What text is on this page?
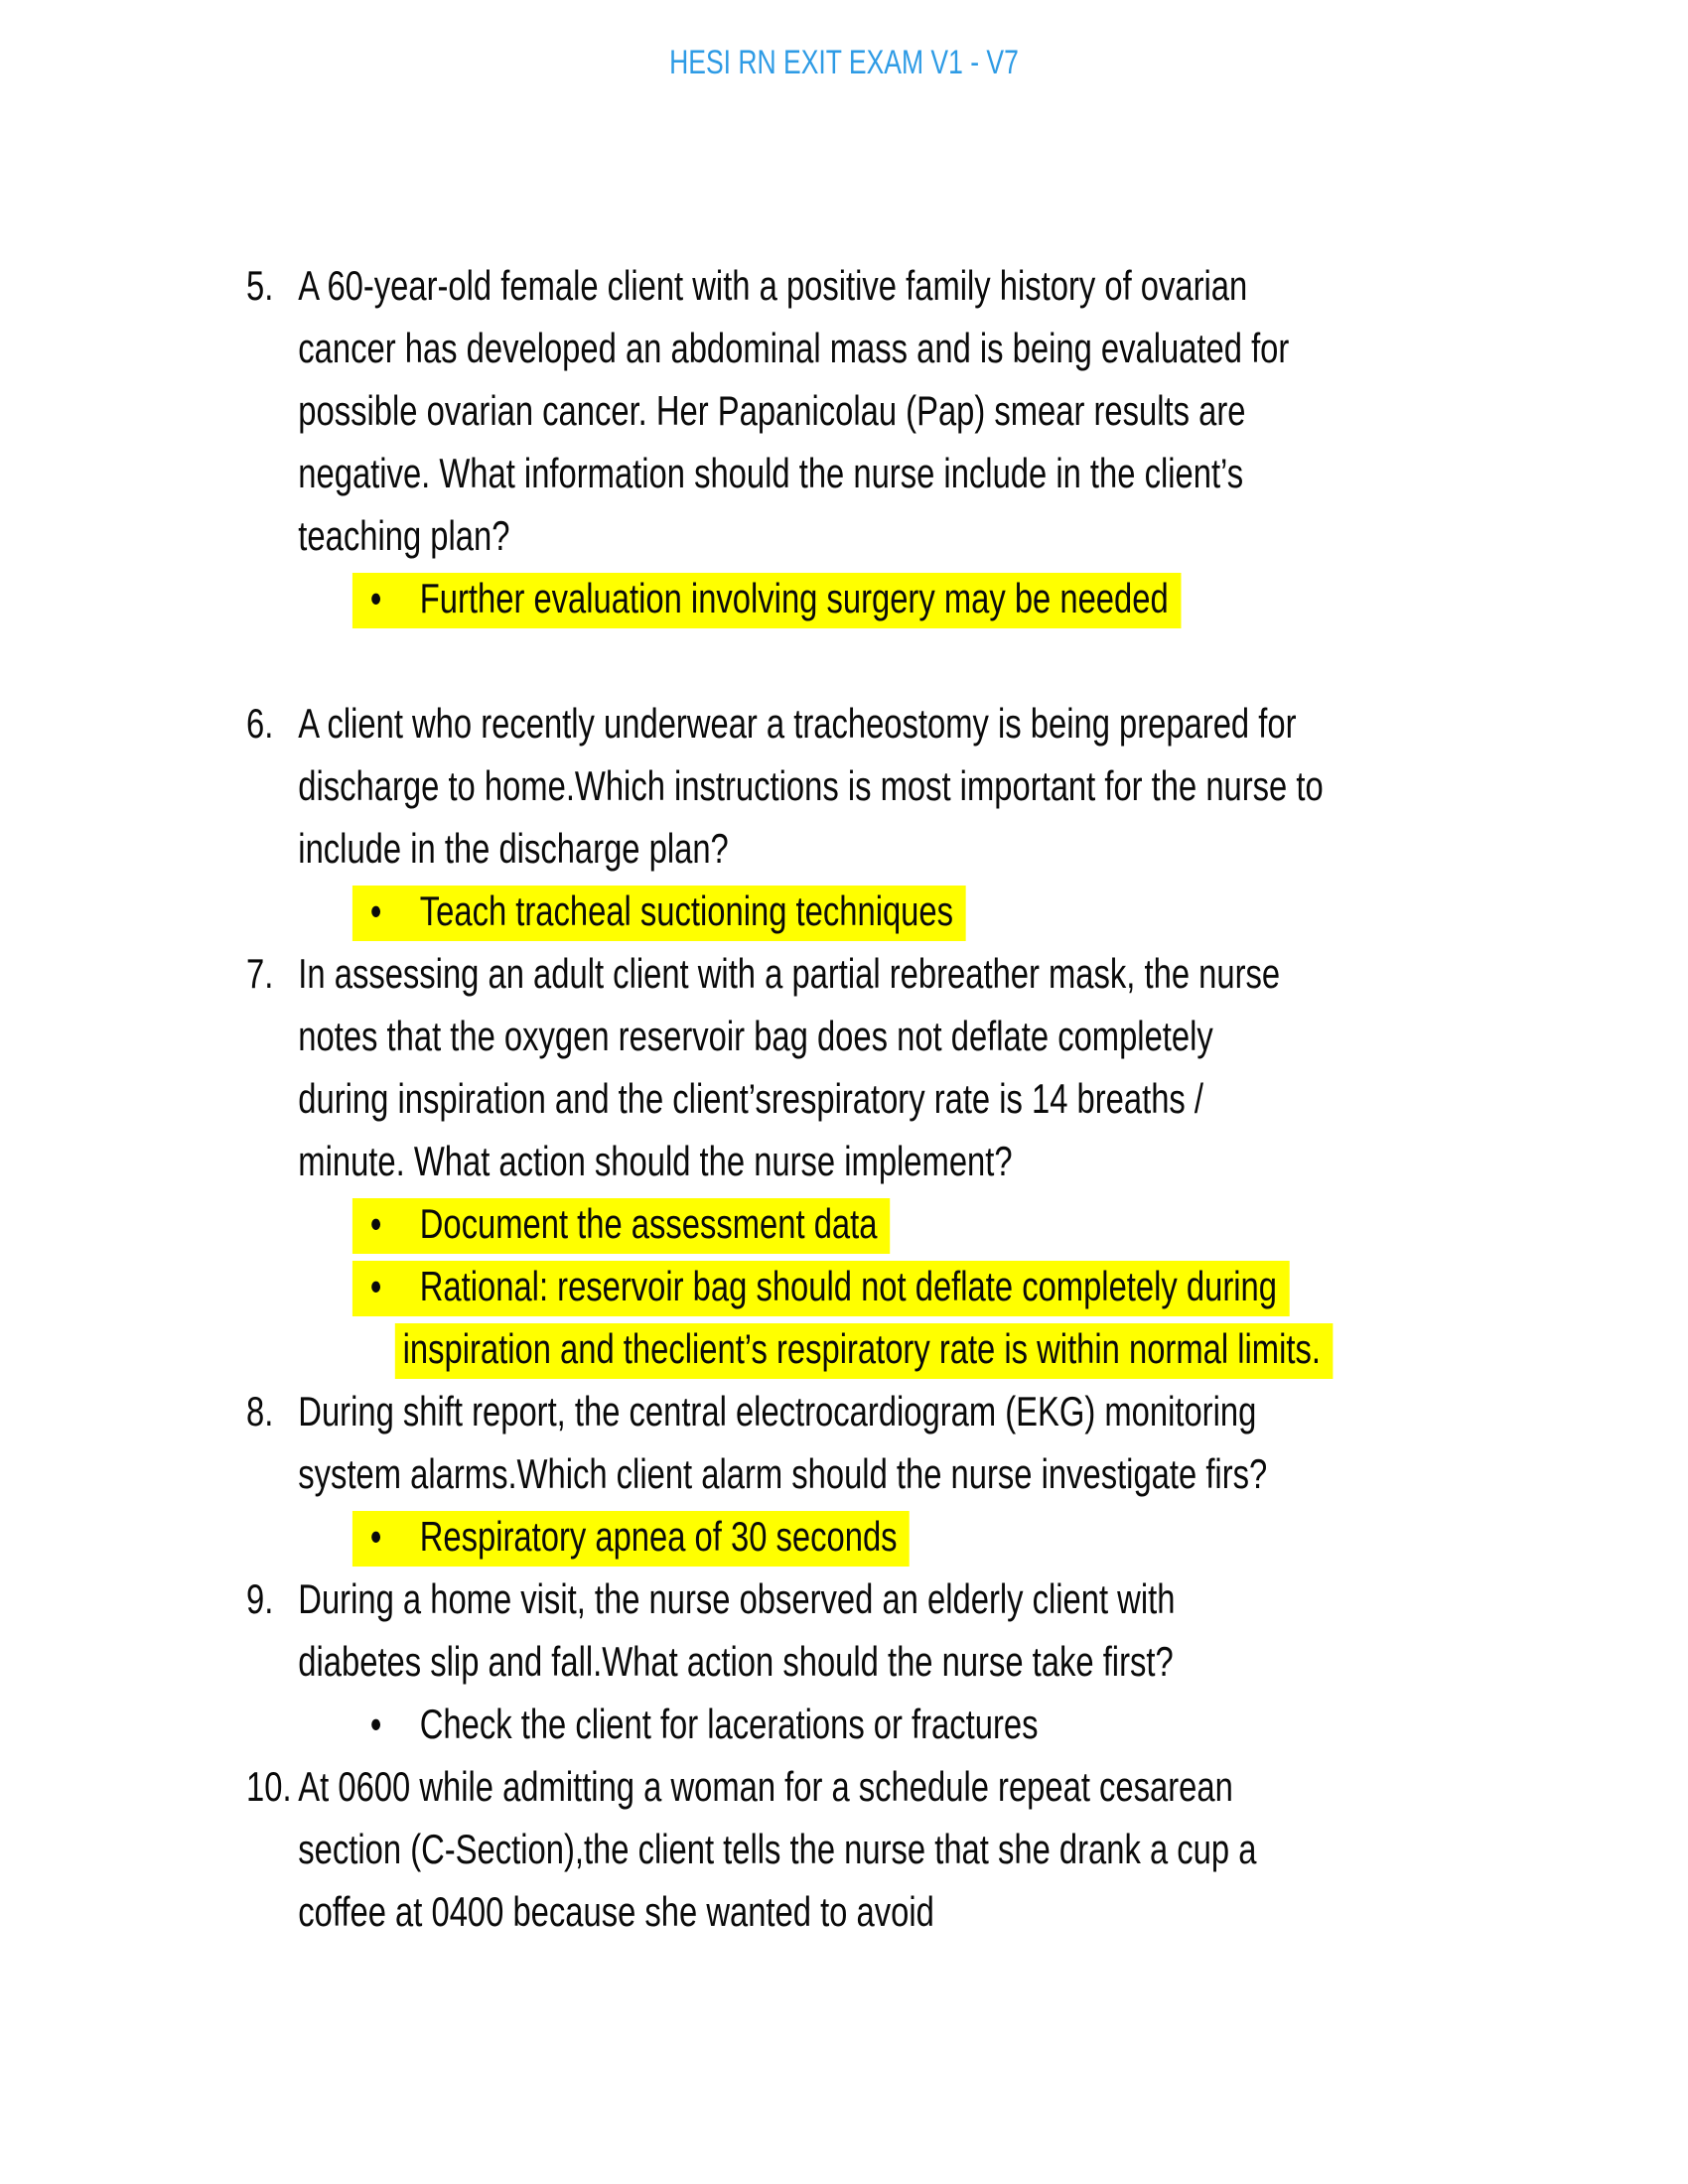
HESI RN EXIT EXAM V1 - V7
5. A 60-year-old female client with a positive family history of ovarian
cancer has developed an abdominal mass and is being evaluated for
possible ovarian cancer. Her Papanicolau (Pap) smear results are
negative. What information should the nurse include in the client’s
teaching plan?
• Further evaluation involving surgery may be needed
6. A client who recently underwear a tracheostomy is being prepared for
discharge to home.Which instructions is most important for the nurse to
include in the discharge plan?
• Teach tracheal suctioning techniques
7. In assessing an adult client with a partial rebreather mask, the nurse
notes that the oxygen reservoir bag does not deflate completely
during inspiration and the client’srespiratory rate is 14 breaths /
minute. What action should the nurse implement?
• Document the assessment data
• Rational: reservoir bag should not deflate completely during
inspiration and theclient’s respiratory rate is within normal limits.
8. During shift report, the central electrocardiogram (EKG) monitoring
system alarms.Which client alarm should the nurse investigate firs?
• Respiratory apnea of 30 seconds
9. During a home visit, the nurse observed an elderly client with
diabetes slip and fall.What action should the nurse take first?
• Check the client for lacerations or fractures
10. At 0600 while admitting a woman for a schedule repeat cesarean
section (C-Section),the client tells the nurse that she drank a cup a
coffee at 0400 because she wanted to avoid
